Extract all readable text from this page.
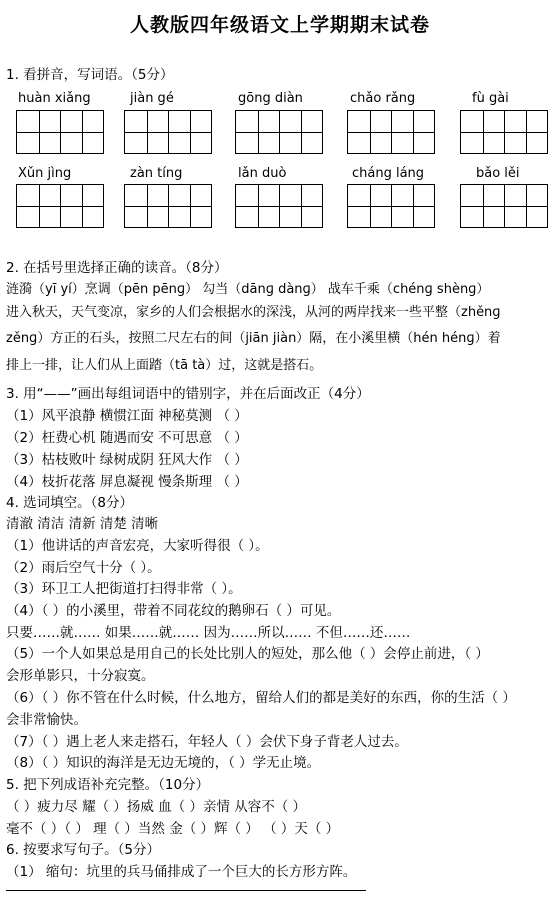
人教版四年级语文上学期期末试卷
1. 看拼音，写词语。（5分）
huàn xiǎng	jiàn gé	gōng diàn	chǎo rǎng	fù gài
Xǔn jìng	zàn tíng	lǎn duò	cháng láng	bǎo lěi
2. 在括号里选择正确的读音。（8分）
涟漪（yī yí）烹调（pēn pēnɡ） 勾当（dānɡ dànɡ） 战车千乘（chénɡ shènɡ）
进入秋天，天气变凉，家乡的人们会根据水的深浅，从河的两岸找来一些平整（zhěnɡ
zěnɡ）方正的石头，按照二尺左右的间（jiān jiàn）隔，在小溪里横（hén hénɡ）着
排上一排，让人们从上面踏（tā tà）过，这就是搭石。
3. 用“——”画出每组词语中的错别字，并在后面改正（4分）
（1）风平浪静 横惯江面 神秘莫测 （ ）
（2）枉费心机 随遇而安 不可思意 （ ）
（3）枯枝败叶 绿树成阴 狂风大作 （ ）
（4）枝折花落 屏息凝视 慢条斯理 （ ）
4. 选词填空。（8分）
清澈 清洁 清新 清楚 清晰
（1）他讲话的声音宏亮，大家听得很（ ）。
（2）雨后空气十分（ ）。
（3）环卫工人把街道打扫得非常（ ）。
（4）（ ）的小溪里，带着不同花纹的鹅卵石（ ）可见。
只要……就…… 如果……就…… 因为……所以…… 不但……还……
（5）一个人如果总是用自己的长处比别人的短处，那么他（ ）会停止前进，（ ）
会形单影只，十分寂寞。
（6）（ ）你不管在什么时候，什么地方，留给人们的都是美好的东西，你的生活（ ）
会非常愉快。
（7）（ ）遇上老人来走搭石，年轻人（ ）会伏下身子背老人过去。
（8）（ ）知识的海洋是无边无境的，（ ）学无止境。
5. 把下列成语补充完整。（10分）
（ ）疲力尽 耀（ ）扬威 血（ ）亲情 从容不（ ）
毫不（ ）（ ） 理（ ）当然 金（ ）辉（ ） （ ）天（ ）
6. 按要求写句子。（5分）
（1） 缩句：坑里的兵马俑排成了一个巨大的长方形方阵。
